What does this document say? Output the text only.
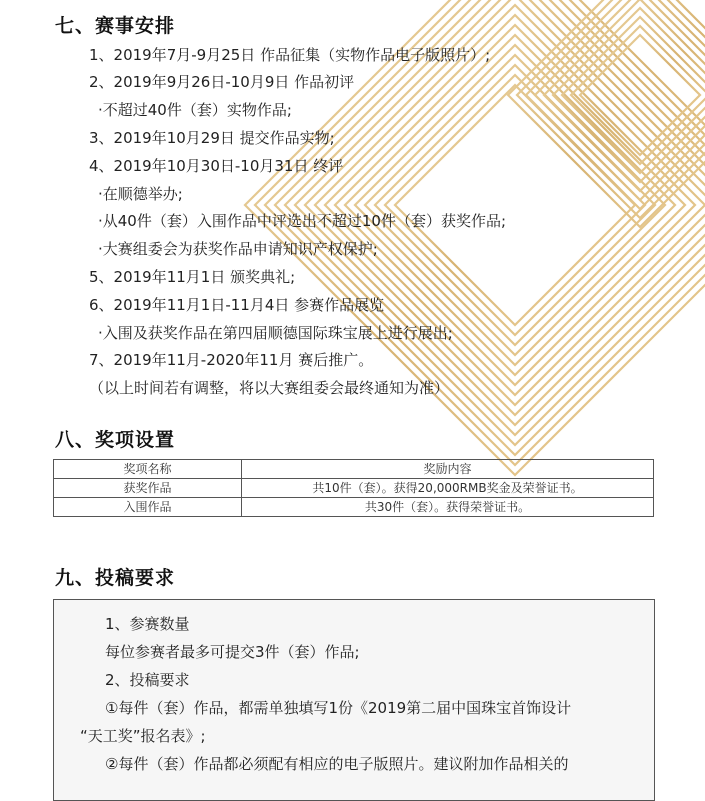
七、赛事安排
1、2019年7月-9月25日 作品征集（实物作品电子版照片）;
2、2019年9月26日-10月9日 作品初评
·不超过40件（套）实物作品;
3、2019年10月29日 提交作品实物;
4、2019年10月30日-10月31日 终评
·在顺德举办;
·从40件（套）入围作品中评选出不超过10件（套）获奖作品;
·大赛组委会为获奖作品申请知识产权保护;
5、2019年11月1日 颁奖典礼;
6、2019年11月1日-11月4日 参赛作品展览
·入围及获奖作品在第四届顺德国际珠宝展上进行展出;
7、2019年11月-2020年11月 赛后推广。
（以上时间若有调整，将以大赛组委会最终通知为准）
八、奖项设置
奖项名称	奖励内容
获奖作品	共10件（套）。获得20,000RMB奖金及荣誉证书。
入围作品	共30件（套）。获得荣誉证书。
九、投稿要求
1、参赛数量
每位参赛者最多可提交3件（套）作品;
2、投稿要求
①每件（套）作品，都需单独填写1份《2019第二届中国珠宝首饰设计
“天工奖”报名表》;
②每件（套）作品都必须配有相应的电子版照片。建议附加作品相关的
